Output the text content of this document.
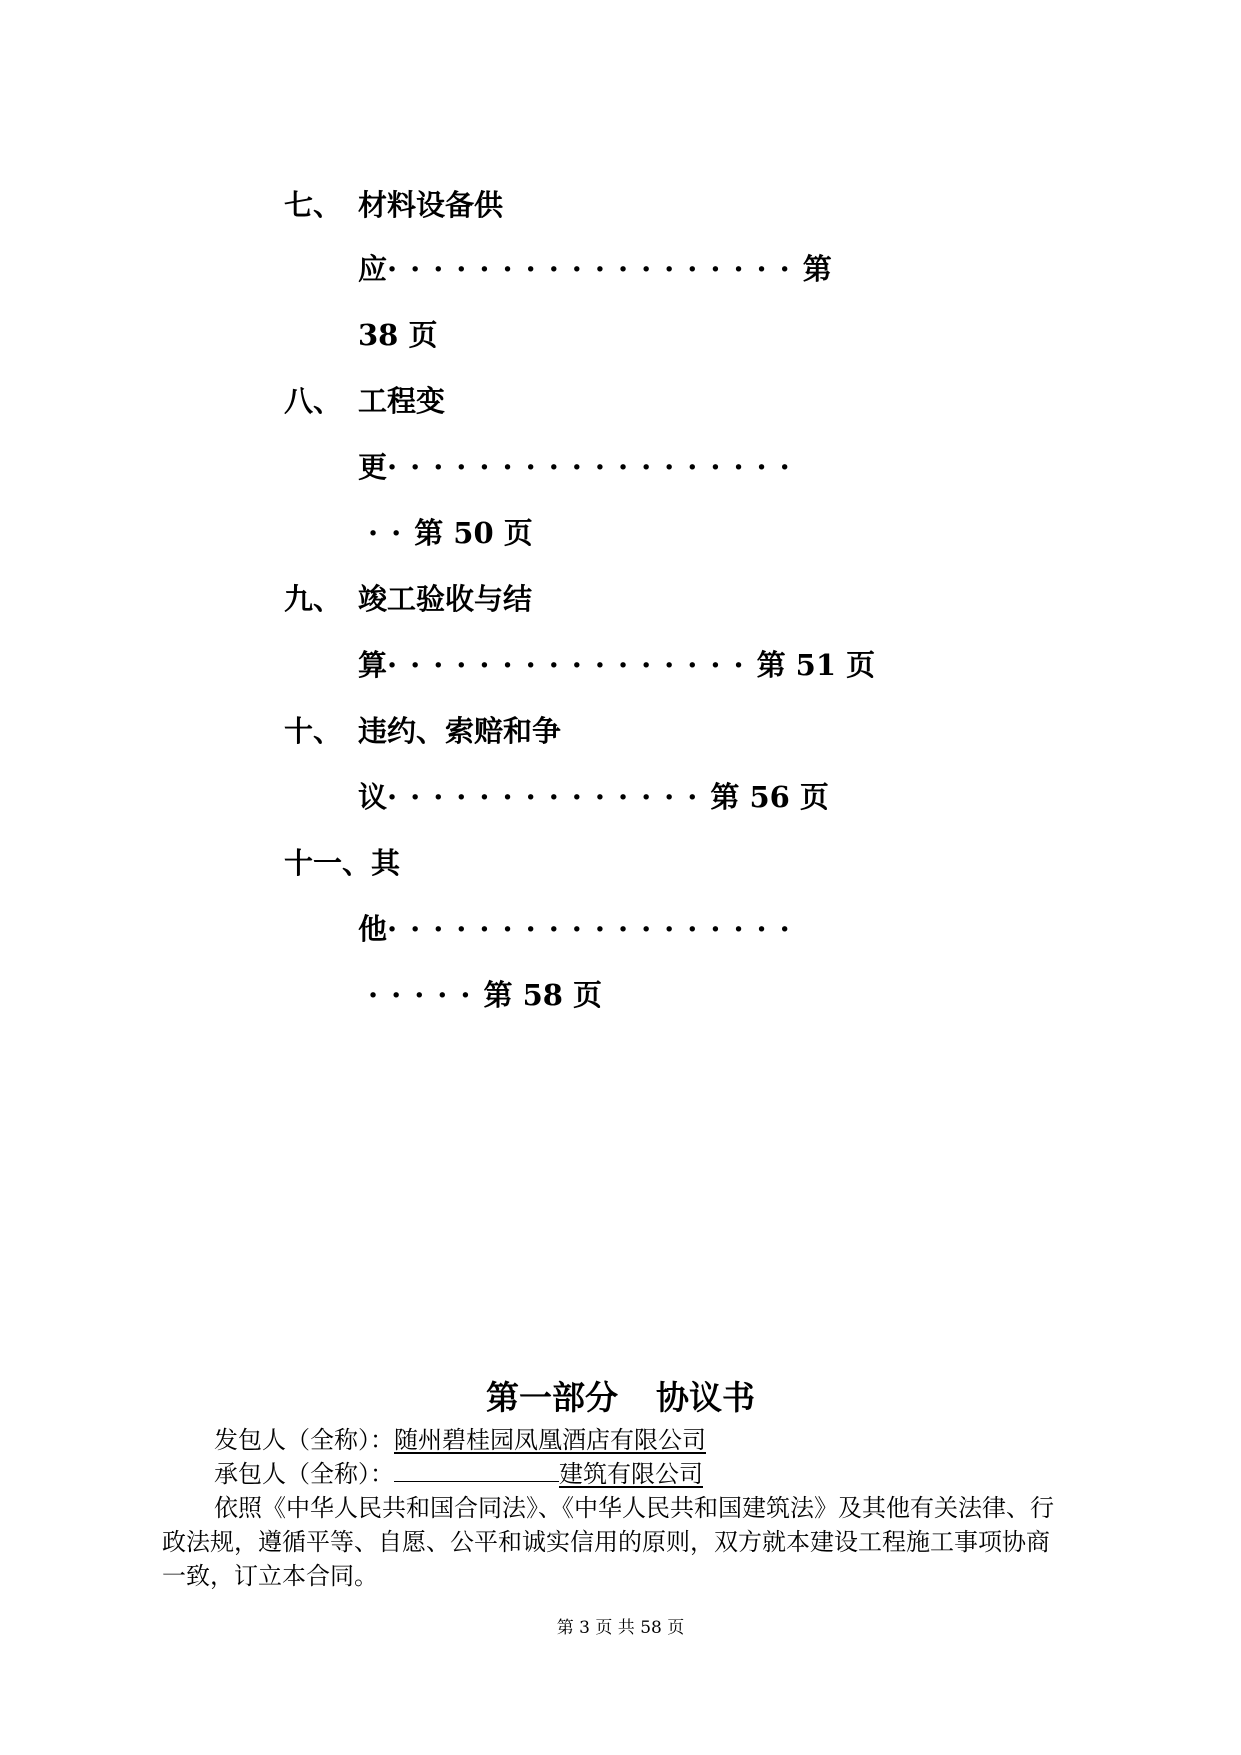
七、 材料设备供
应··················第
38 页
八、 工程变
更··················
··第 50 页
九、 竣工验收与结
算················第 51 页
十、 违约、索赔和争
议··············第 56 页
十一、其
他··················
·····第 58 页
第一部分 协议书
发包人（全称）：随州碧桂园凤凰酒店有限公司
承包人（全称）：	建筑有限公司
依照《中华人民共和国合同法》、《中华人民共和国建筑法》及其他有关法律、行
政法规，遵循平等、自愿、公平和诚实信用的原则，双方就本建设工程施工事项协商
一致，订立本合同。
第 3 页 共 58 页
